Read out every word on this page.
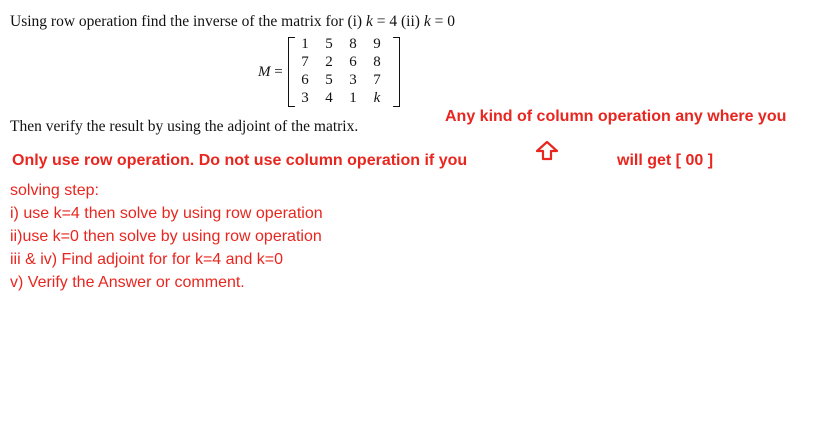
Using row operation find the inverse of the matrix for (i) k = 4 (ii) k = 0
M =
1	5	8	9
7	2	6	8
6	5	3	7
3	4	1	k
Then verify the result by using the adjoint of the matrix.
Any kind of column operation any where you
Only use row operation. Do not use column operation if you	will get [ 00 ]
solving step:
i) use k=4 then solve by using row operation
ii)use k=0 then solve by using row operation
iii & iv) Find adjoint for for k=4 and k=0
v) Verify the Answer or comment.
